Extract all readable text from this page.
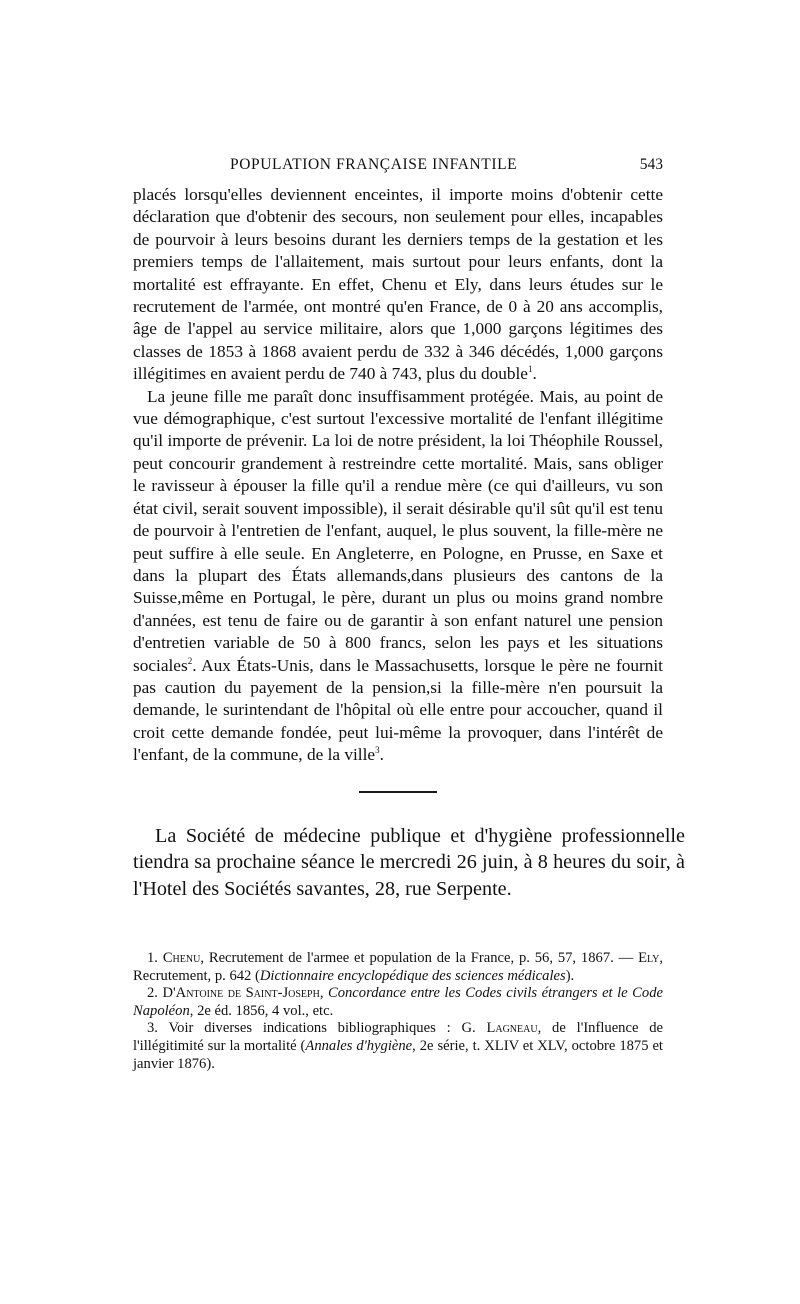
POPULATION FRANÇAISE INFANTILE	543

placés lorsqu'elles deviennent enceintes, il importe moins d'obtenir cette déclaration que d'obtenir des secours, non seulement pour elles, incapables de pourvoir à leurs besoins durant les derniers temps de la gestation et les premiers temps de l'allaitement, mais surtout pour leurs enfants, dont la mortalité est effrayante. En effet, Chenu et Ely, dans leurs études sur le recrutement de l'armée, ont montré qu'en France, de 0 à 20 ans accomplis, âge de l'appel au service militaire, alors que 1,000 garçons légitimes des classes de 1853 à 1868 avaient perdu de 332 à 346 décédés, 1,000 garçons illégitimes en avaient perdu de 740 à 743, plus du double$^1$.

La jeune fille me paraît donc insuffisamment protégée. Mais, au point de vue démographique, c'est surtout l'excessive mortalité de l'enfant illégitime qu'il importe de prévenir. La loi de notre président, la loi Théophile Roussel, peut concourir grandement à restreindre cette mortalité. Mais, sans obliger le ravisseur à épouser la fille qu'il a rendue mère (ce qui d'ailleurs, vu son état civil, serait souvent impossible), il serait désirable qu'il sût qu'il est tenu de pourvoir à l'entretien de l'enfant, auquel, le plus souvent, la fille-mère ne peut suffire à elle seule. En Angleterre, en Pologne, en Prusse, en Saxe et dans la plupart des États allemands,dans plusieurs des cantons de la Suisse,même en Portugal, le père, durant un plus ou moins grand nombre d'années, est tenu de faire ou de garantir à son enfant naturel une pension d'entretien variable de 50 à 800 francs, selon les pays et les situations sociales$^2$. Aux États-Unis, dans le Massachusetts, lorsque le père ne fournit pas caution du payement de la pension,si la fille-mère n'en poursuit la demande, le surintendant de l'hôpital où elle entre pour accoucher, quand il croit cette demande fondée, peut lui-même la provoquer, dans l'intérêt de l'enfant, de la commune, de la ville$^3$.

La Société de médecine publique et d'hygiène professionnelle tiendra sa prochaine séance le mercredi 26 juin, à 8 heures du soir, à l'Hotel des Sociétés savantes, 28, rue Serpente.

1. Chenu, Recrutement de l'armee et population de la France, p. 56, 57, 1867. — Ely, Recrutement, p. 642 (Dictionnaire encyclopédique des sciences médicales).

2. D'Antoine de Saint-Joseph, Concordance entre les Codes civils étrangers et le Code Napoléon, 2e éd. 1856, 4 vol., etc.

3. Voir diverses indications bibliographiques : G. Lagneau, de l'Influence de l'illégitimité sur la mortalité (Annales d'hygiène, 2e série, t. XLIV et XLV, octobre 1875 et janvier 1876).
